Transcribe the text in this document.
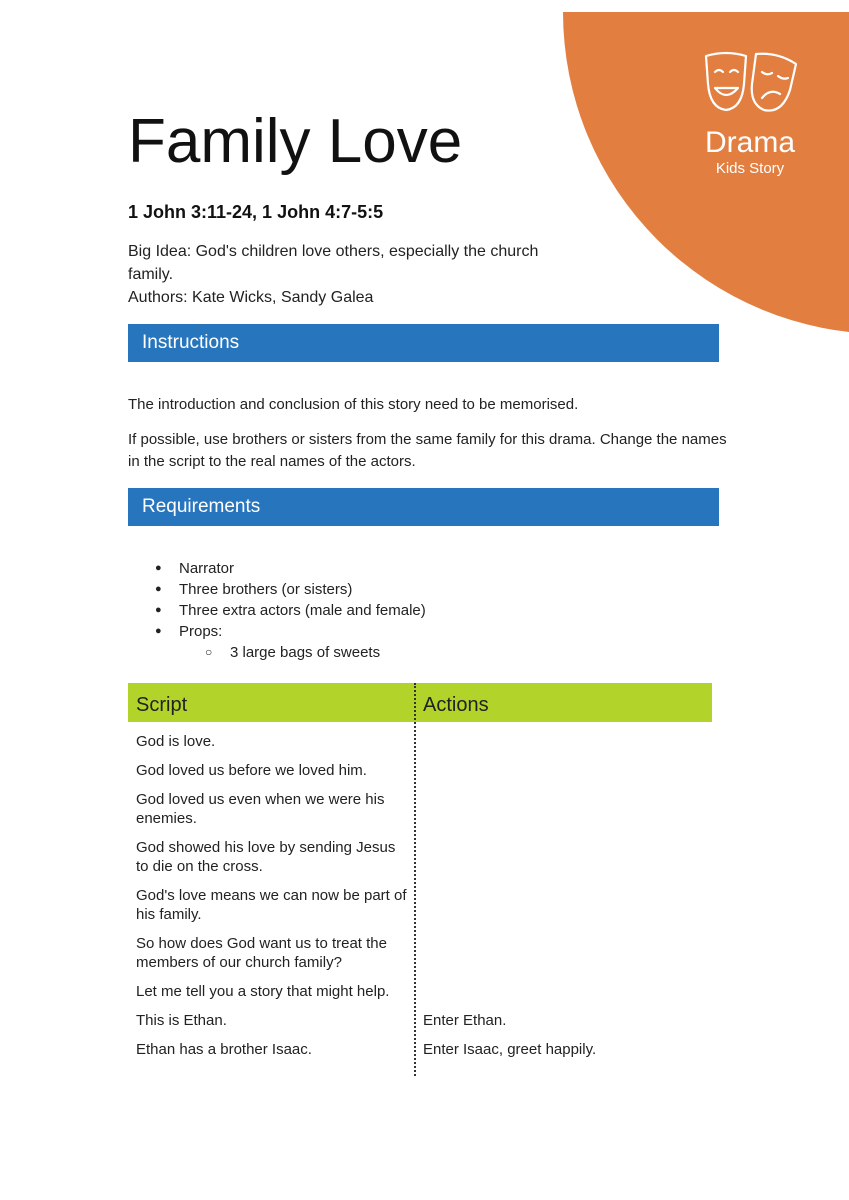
Drama
Kids Story
Family Love

1 John 3:11-24, 1 John 4:7-5:5

Big Idea: God's children love others, especially the church family.

Authors: Kate Wicks, Sandy Galea

Instructions

The introduction and conclusion of this story need to be memorised.

If possible, use brothers or sisters from the same family for this drama. Change the names in the script to the real names of the actors.

Requirements
● Narrator
● Three brothers (or sisters)
● Three extra actors (male and female)
● Props:
○ 3 large bags of sweets
Script	Actions
God is love.
God loved us before we loved him.
God loved us even when we were his enemies.
God showed his love by sending Jesus to die on the cross.
God's love means we can now be part of his family.
So how does God want us to treat the members of our church family?
Let me tell you a story that might help.
This is Ethan.	Enter Ethan.
Ethan has a brother Isaac.	Enter Isaac, greet happily.
